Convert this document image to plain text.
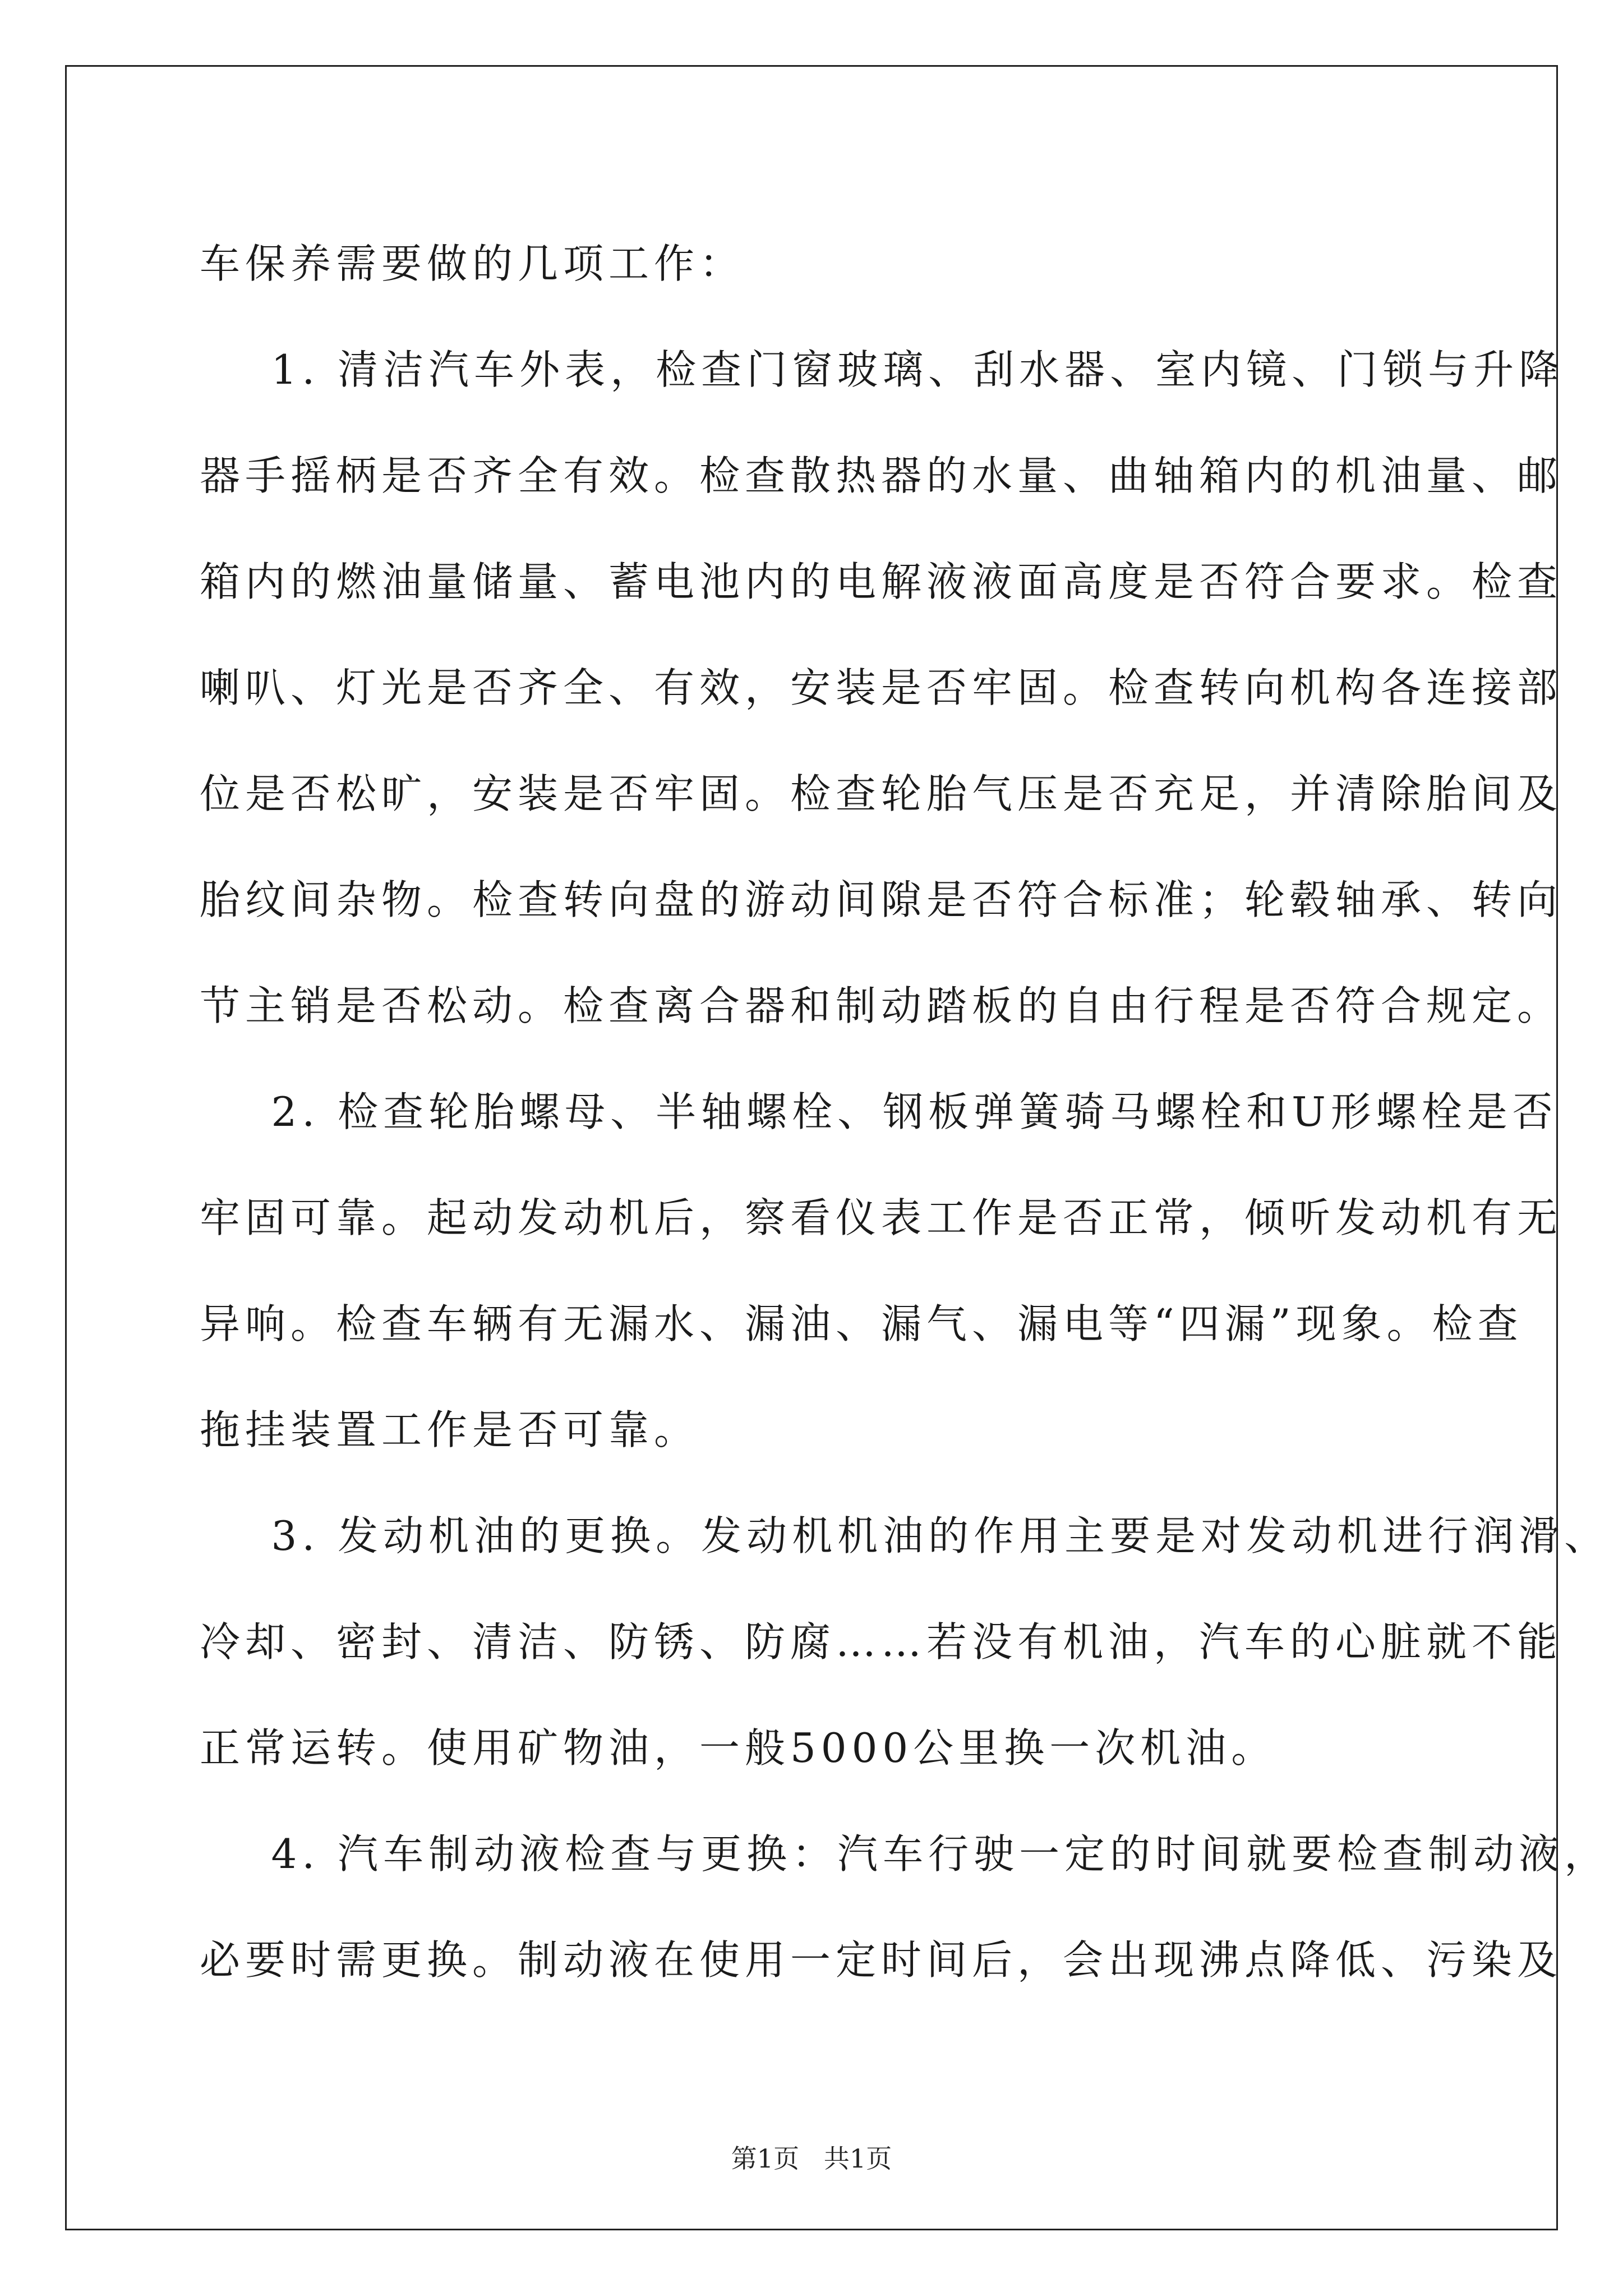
车保养需要做的几项工作：
1. 清洁汽车外表，检查门窗玻璃、刮水器、室内镜、门锁与升降
器手摇柄是否齐全有效。检查散热器的水量、曲轴箱内的机油量、邮
箱内的燃油量储量、蓄电池内的电解液液面高度是否符合要求。检查
喇叭、灯光是否齐全、有效，安装是否牢固。检查转向机构各连接部
位是否松旷，安装是否牢固。检查轮胎气压是否充足，并清除胎间及
胎纹间杂物。检查转向盘的游动间隙是否符合标准；轮毂轴承、转向
节主销是否松动。检查离合器和制动踏板的自由行程是否符合规定。
2. 检查轮胎螺母、半轴螺栓、钢板弹簧骑马螺栓和U形螺栓是否
牢固可靠。起动发动机后，察看仪表工作是否正常，倾听发动机有无
异响。检查车辆有无漏水、漏油、漏气、漏电等“四漏”现象。检查
拖挂装置工作是否可靠。
3. 发动机油的更换。发动机机油的作用主要是对发动机进行润滑、
冷却、密封、清洁、防锈、防腐……若没有机油，汽车的心脏就不能
正常运转。使用矿物油，一般5000公里换一次机油。
4. 汽车制动液检查与更换：汽车行驶一定的时间就要检查制动液，
必要时需更换。制动液在使用一定时间后，会出现沸点降低、污染及
第1页   共1页
